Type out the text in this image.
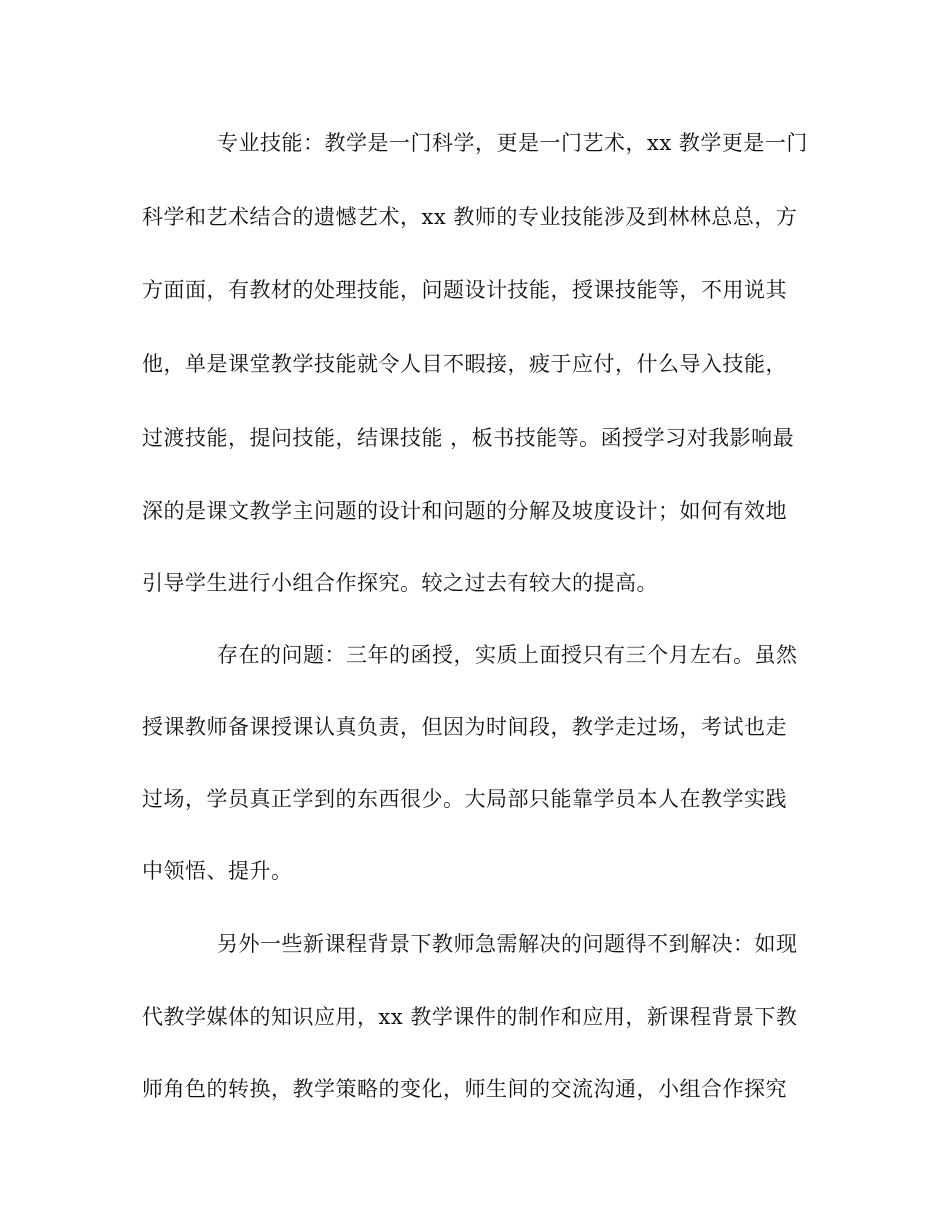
专业技能：教学是一门科学，更是一门艺术，xx 教学更是一门
科学和艺术结合的遗憾艺术，xx 教师的专业技能涉及到林林总总，方
方面面，有教材的处理技能，问题设计技能，授课技能等，不用说其
他，单是课堂教学技能就令人目不暇接，疲于应付，什么导入技能，
过渡技能，提问技能，结课技能 ，板书技能等。函授学习对我影响最
深的是课文教学主问题的设计和问题的分解及坡度设计；如何有效地
引导学生进行小组合作探究。较之过去有较大的提高。
存在的问题：三年的函授，实质上面授只有三个月左右。虽然
授课教师备课授课认真负责，但因为时间段，教学走过场，考试也走
过场，学员真正学到的东西很少。大局部只能靠学员本人在教学实践
中领悟、提升。
另外一些新课程背景下教师急需解决的问题得不到解决：如现
代教学媒体的知识应用，xx 教学课件的制作和应用，新课程背景下教
师角色的转换，教学策略的变化，师生间的交流沟通，小组合作探究
